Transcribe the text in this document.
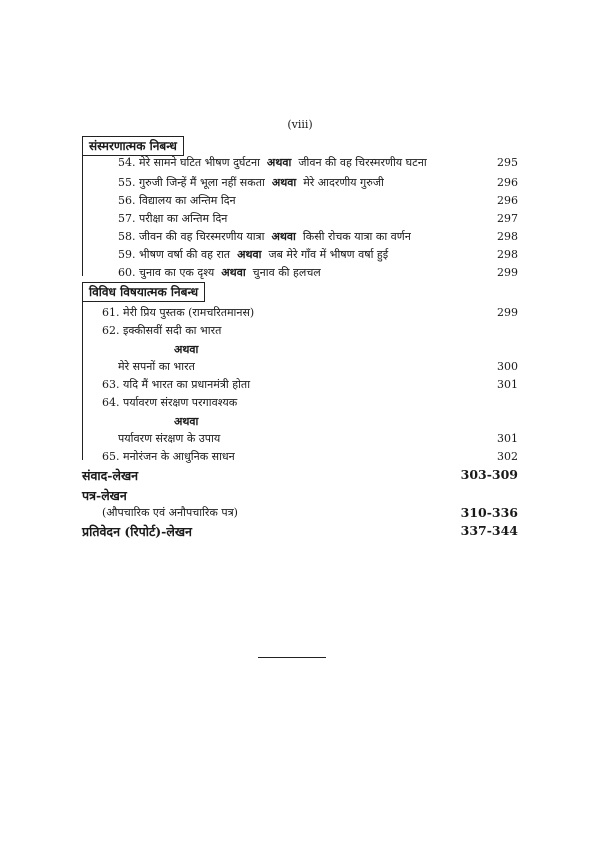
(viii)
संस्मरणात्मक निबन्ध
54. मेरे सामने घटित भीषण दुर्घटना अथवा जीवन की वह चिरस्मरणीय घटना	295
55. गुरुजी जिन्हें मैं भूला नहीं सकता अथवा मेरे आदरणीय गुरुजी	296
56. विद्यालय का अन्तिम दिन	296
57. परीक्षा का अन्तिम दिन	297
58. जीवन की वह चिरस्मरणीय यात्रा अथवा किसी रोचक यात्रा का वर्णन	298
59. भीषण वर्षा की वह रात अथवा जब मेरे गाँव में भीषण वर्षा हुई	298
60. चुनाव का एक दृश्य अथवा चुनाव की हलचल	299
विविध विषयात्मक निबन्ध
61. मेरी प्रिय पुस्तक (रामचरितमानस)	299
62. इक्कीसवीं सदी का भारत
अथवा
मेरे सपनों का भारत	300
63. यदि मैं भारत का प्रधानमंत्री होता	301
64. पर्यावरण संरक्षण परगावश्यक
अथवा
पर्यावरण संरक्षण के उपाय	301
65. मनोरंजन के आधुनिक साधन	302
संवाद-लेखन	303-309
पत्र-लेखन
(औपचारिक एवं अनौपचारिक पत्र)	310-336
प्रतिवेदन (रिपोर्ट)-लेखन	337-344
